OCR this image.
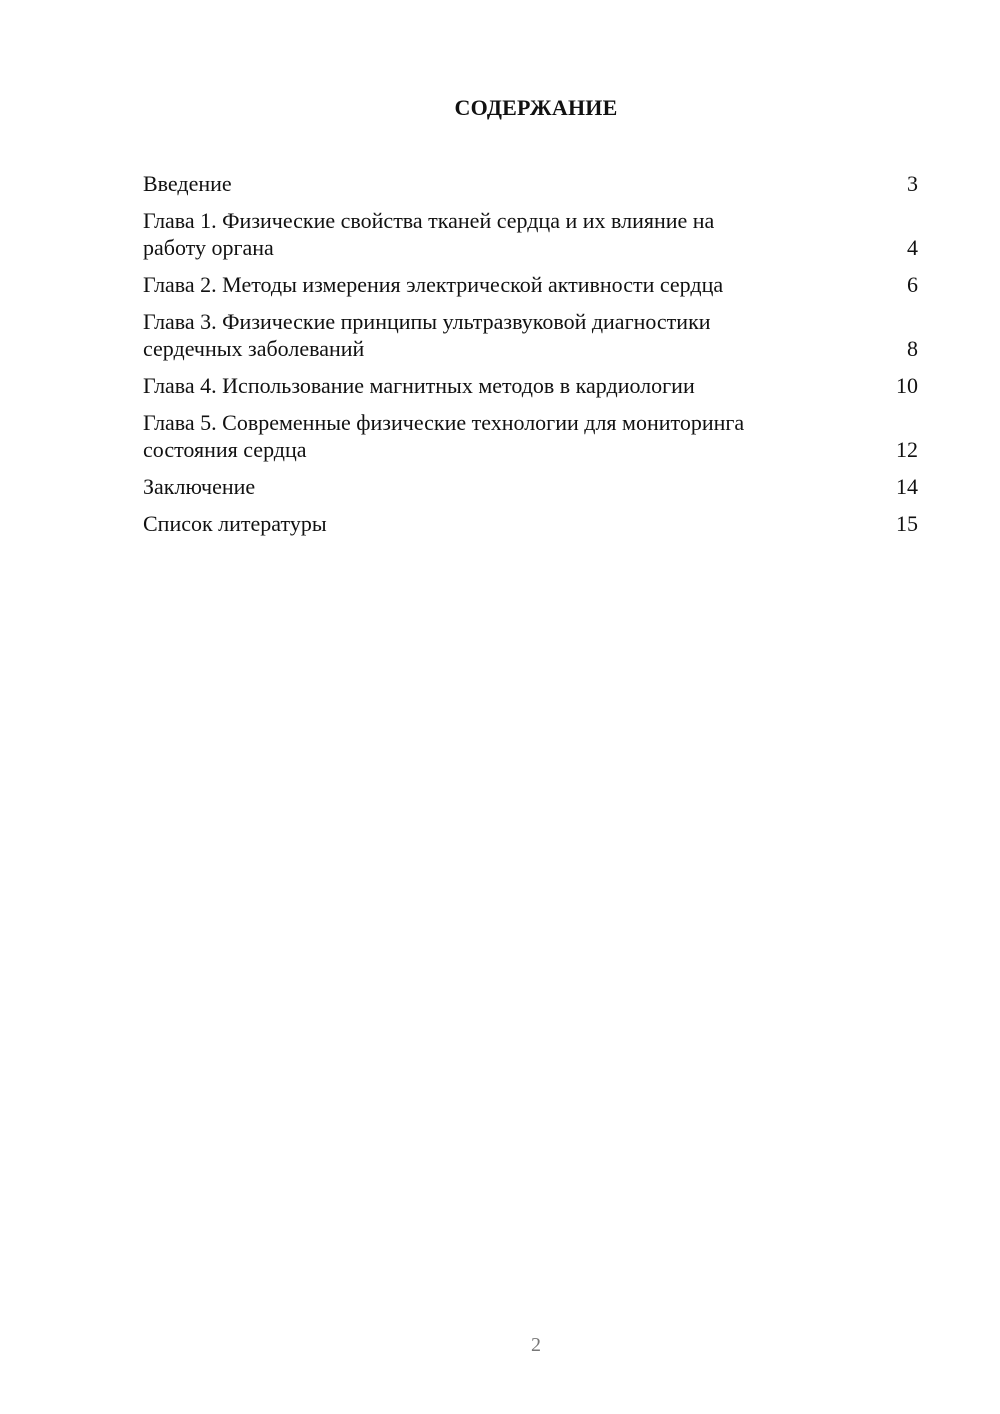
СОДЕРЖАНИЕ
Введение	3
Глава 1. Физические свойства тканей сердца и их влияние на
работу органа	4
Глава 2. Методы измерения электрической активности сердца	6
Глава 3. Физические принципы ультразвуковой диагностики
сердечных заболеваний	8
Глава 4. Использование магнитных методов в кардиологии	10
Глава 5. Современные физические технологии для мониторинга
состояния сердца	12
Заключение	14
Список литературы	15
2
